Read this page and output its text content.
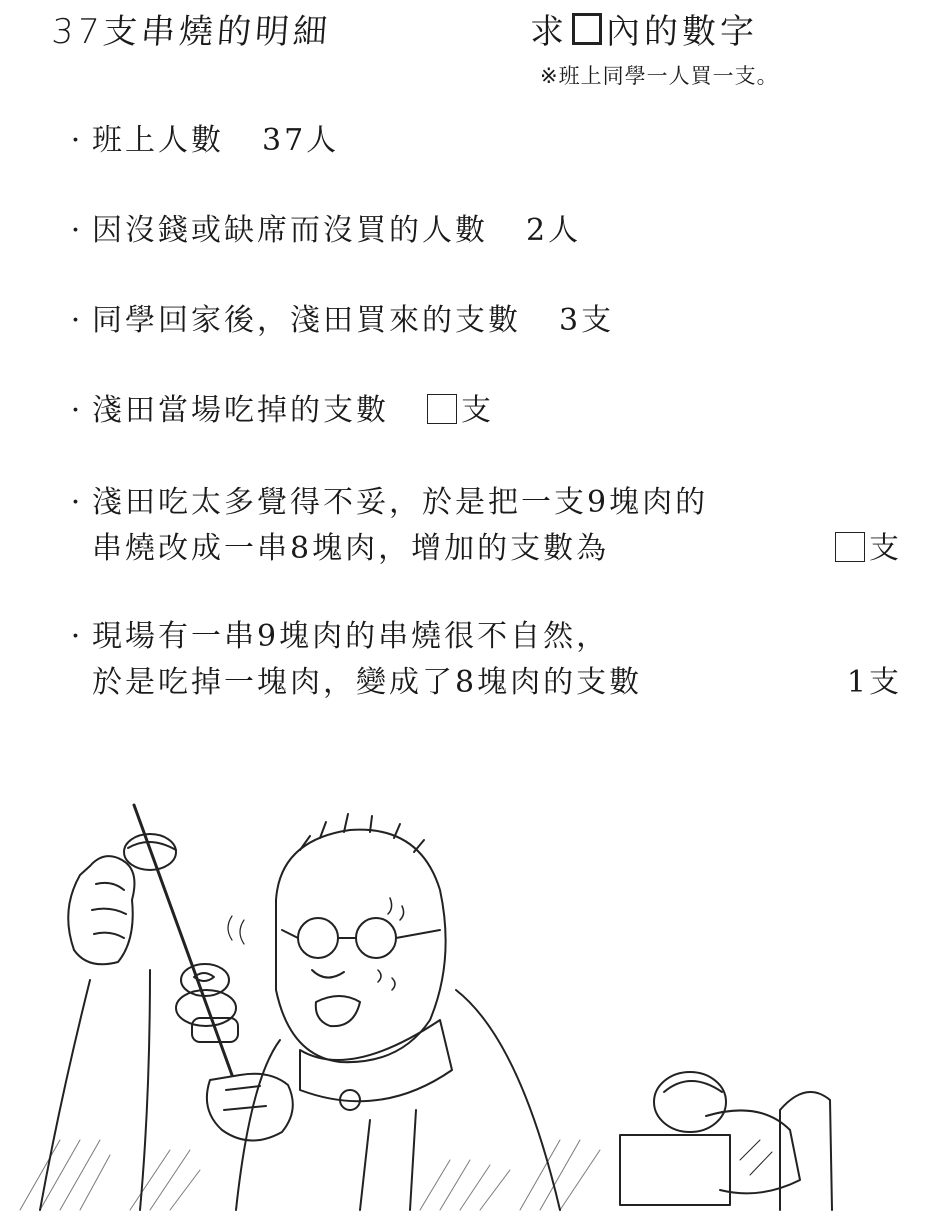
37支串燒的明細	求 內的數字
※班上同學一人買一支。
· 班上人數 37人
· 因沒錢或缺席而沒買的人數 2人
· 同學回家後，淺田買來的支數 3支
· 淺田當場吃掉的支數 支
· 淺田吃太多覺得不妥，於是把一支9塊肉的
串燒改成一串8塊肉，增加的支數為	支
· 現場有一串9塊肉的串燒很不自然，
於是吃掉一塊肉，變成了8塊肉的支數	1支
